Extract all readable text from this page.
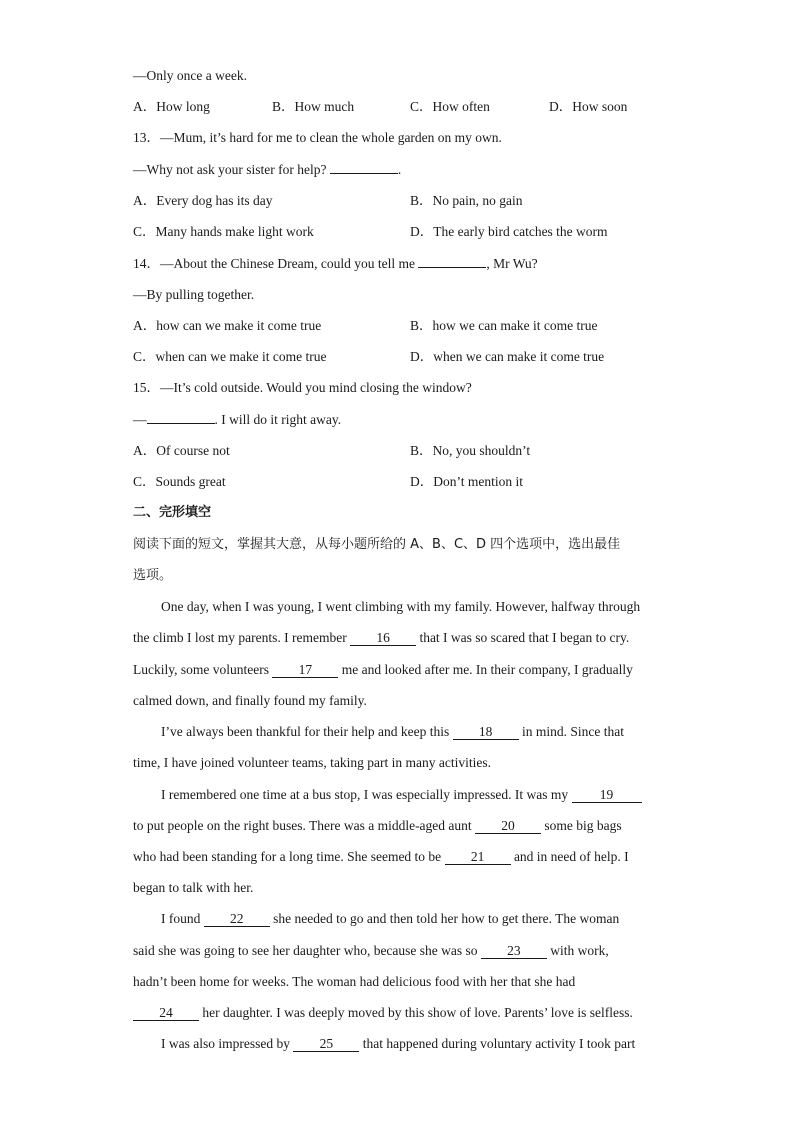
—Only once a week.
A．How long	B．How much	C．How often	D．How soon
13．—Mum, it’s hard for me to clean the whole garden on my own.
—Why not ask your sister for help?	.
A．Every dog has its day	B．No pain, no gain
C．Many hands make light work	D．The early bird catches the worm
14．—About the Chinese Dream, could you tell me	, Mr Wu?
—By pulling together.
A．how can we make it come true	B．how we can make it come true
C．when can we make it come true	D．when we can make it come true
15．—It’s cold outside. Would you mind closing the window?
—	. I will do it right away.
A．Of course not	B．No, you shouldn’t
C．Sounds great	D．Don’t mention it
二、完形填空
阅读下面的短文，掌握其大意，从每小题所给的 A、B、C、D 四个选项中，选出最佳
选项。
One day, when I was young, I went climbing with my family. However, halfway through
the climb I lost my parents. I remember 16 that I was so scared that I began to cry.
Luckily, some volunteers 17 me and looked after me. In their company, I gradually
calmed down, and finally found my family.
I’ve always been thankful for their help and keep this 18 in mind. Since that
time, I have joined volunteer teams, taking part in many activities.
I remembered one time at a bus stop, I was especially impressed. It was my 19
to put people on the right buses. There was a middle-aged aunt 20 some big bags
who had been standing for a long time. She seemed to be 21 and in need of help. I
began to talk with her.
I found 22 she needed to go and then told her how to get there. The woman
said she was going to see her daughter who, because she was so 23 with work,
hadn’t been home for weeks. The woman had delicious food with her that she had
24 her daughter. I was deeply moved by this show of love. Parents’ love is selfless.
I was also impressed by 25 that happened during voluntary activity I took part
